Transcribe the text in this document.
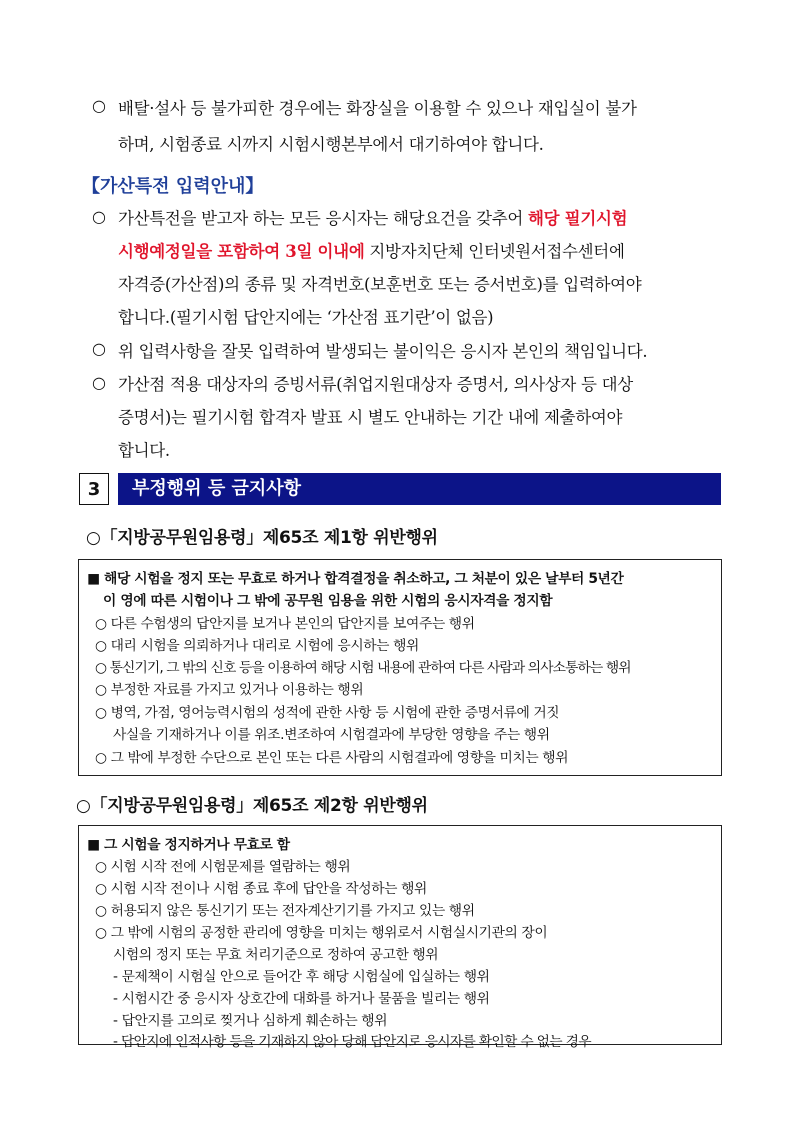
○ 배탈·설사 등 불가피한 경우에는 화장실을 이용할 수 있으나 재입실이 불가
하며, 시험종료 시까지 시험시행본부에서 대기하여야 합니다.
【가산특전 입력안내】
○ 가산특전을 받고자 하는 모든 응시자는 해당요건을 갖추어 해당 필기시험
시행예정일을 포함하여 3일 이내에 지방자치단체 인터넷원서접수센터에
자격증(가산점)의 종류 및 자격번호(보훈번호 또는 증서번호)를 입력하여야
합니다.(필기시험 답안지에는 ‘가산점 표기란’이 없음)
○ 위 입력사항을 잘못 입력하여 발생되는 불이익은 응시자 본인의 책임입니다.
○ 가산점 적용 대상자의 증빙서류(취업지원대상자 증명서, 의사상자 등 대상
증명서)는 필기시험 합격자 발표 시 별도 안내하는 기간 내에 제출하여야
합니다.
3	부정행위 등 금지사항
○「지방공무원임용령」제65조 제1항 위반행위
■ 해당 시험을 정지 또는 무효로 하거나 합격결정을 취소하고, 그 처분이 있은 날부터 5년간
이 영에 따른 시험이나 그 밖에 공무원 임용을 위한 시험의 응시자격을 정지함
○ 다른 수험생의 답안지를 보거나 본인의 답안지를 보여주는 행위
○ 대리 시험을 의뢰하거나 대리로 시험에 응시하는 행위
○ 통신기기, 그 밖의 신호 등을 이용하여 해당 시험 내용에 관하여 다른 사람과 의사소통하는 행위
○ 부정한 자료를 가지고 있거나 이용하는 행위
○ 병역, 가점, 영어능력시험의 성적에 관한 사항 등 시험에 관한 증명서류에 거짓
사실을 기재하거나 이를 위조.변조하여 시험결과에 부당한 영향을 주는 행위
○ 그 밖에 부정한 수단으로 본인 또는 다른 사람의 시험결과에 영향을 미치는 행위
○「지방공무원임용령」제65조 제2항 위반행위
■ 그 시험을 정지하거나 무효로 함
○ 시험 시작 전에 시험문제를 열람하는 행위
○ 시험 시작 전이나 시험 종료 후에 답안을 작성하는 행위
○ 허용되지 않은 통신기기 또는 전자계산기기를 가지고 있는 행위
○ 그 밖에 시험의 공정한 관리에 영향을 미치는 행위로서 시험실시기관의 장이
시험의 정지 또는 무효 처리기준으로 정하여 공고한 행위
- 문제책이 시험실 안으로 들어간 후 해당 시험실에 입실하는 행위
- 시험시간 중 응시자 상호간에 대화를 하거나 물품을 빌리는 행위
- 답안지를 고의로 찢거나 심하게 훼손하는 행위
- 답안지에 인적사항 등을 기재하지 않아 당해 답안지로 응시자를 확인할 수 없는 경우
